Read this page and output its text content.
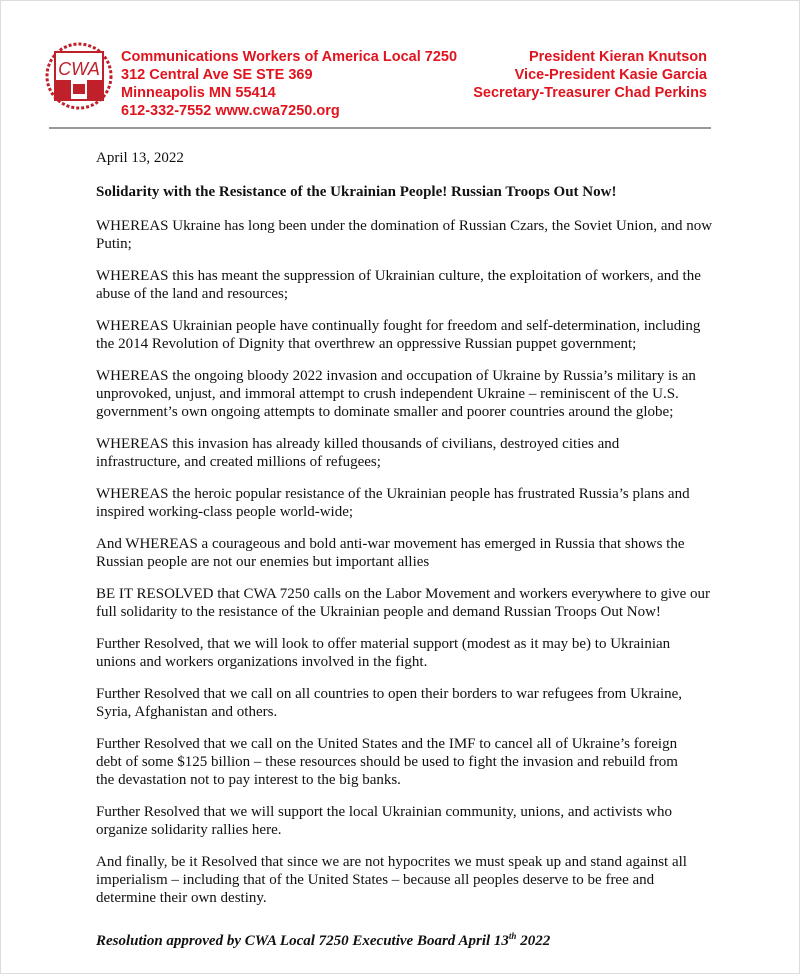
CWA
Communications Workers of America Local 7250
312 Central Ave SE STE 369
Minneapolis MN 55414
612-332-7552 www.cwa7250.org
President Kieran Knutson
Vice-President Kasie Garcia
Secretary-Treasurer Chad Perkins
April 13, 2022
Solidarity with the Resistance of the Ukrainian People! Russian Troops Out Now!
WHEREAS Ukraine has long been under the domination of Russian Czars, the Soviet Union, and now
Putin;
WHEREAS this has meant the suppression of Ukrainian culture, the exploitation of workers, and the
abuse of the land and resources;
WHEREAS Ukrainian people have continually fought for freedom and self-determination, including
the 2014 Revolution of Dignity that overthrew an oppressive Russian puppet government;
WHEREAS the ongoing bloody 2022 invasion and occupation of Ukraine by Russia’s military is an
unprovoked, unjust, and immoral attempt to crush independent Ukraine – reminiscent of the U.S.
government’s own ongoing attempts to dominate smaller and poorer countries around the globe;
WHEREAS this invasion has already killed thousands of civilians, destroyed cities and
infrastructure, and created millions of refugees;
WHEREAS the heroic popular resistance of the Ukrainian people has frustrated Russia’s plans and
inspired working-class people world-wide;
And WHEREAS a courageous and bold anti-war movement has emerged in Russia that shows the
Russian people are not our enemies but important allies
BE IT RESOLVED that CWA 7250 calls on the Labor Movement and workers everywhere to give our
full solidarity to the resistance of the Ukrainian people and demand Russian Troops Out Now!
Further Resolved, that we will look to offer material support (modest as it may be) to Ukrainian
unions and workers organizations involved in the fight.
Further Resolved that we call on all countries to open their borders to war refugees from Ukraine,
Syria, Afghanistan and others.
Further Resolved that we call on the United States and the IMF to cancel all of Ukraine’s foreign
debt of some $125 billion – these resources should be used to fight the invasion and rebuild from
the devastation not to pay interest to the big banks.
Further Resolved that we will support the local Ukrainian community, unions, and activists who
organize solidarity rallies here.
And finally, be it Resolved that since we are not hypocrites we must speak up and stand against all
imperialism – including that of the United States – because all peoples deserve to be free and
determine their own destiny.
Resolution approved by CWA Local 7250 Executive Board April 13th 2022
